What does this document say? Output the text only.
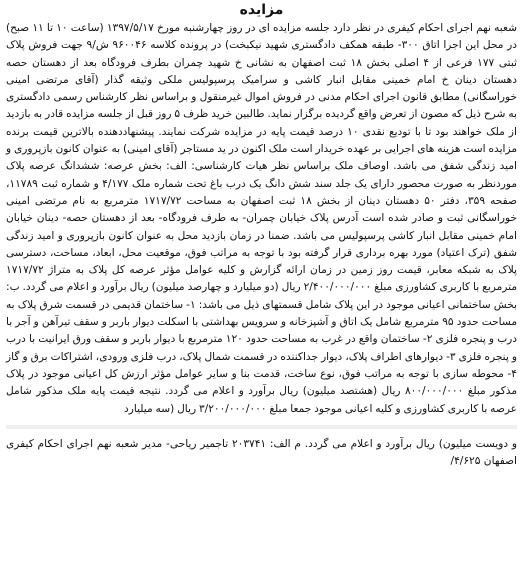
مزایده

شعبه نهم اجرای احکام کیفری در نظر دارد جلسه مزایده ای در روز چهارشنبه مورخ ۱۳۹۷/۵/۱۷ (ساعت ۱۰ تا ۱۱ صبح) در محل این اجرا اتاق ۳۰۰- طبقه همکف دادگستری شهید نیکبخت) در پرونده کلاسه ۹۶۰۰۴۶ ش/۹ جهت فروش پلاک ثبتی ۱۷۷ فرعی از ۴ اصلی بخش ۱۸ ثبت اصفهان به نشانی خ شهید چمران بطرف فرودگاه بعد از دهستان حصه دهستان دینان خ امام خمینی مقابل انبار کاشی و سرامیک پرسپولیس ملکی وثیقه گذار (آقای مرتضی امینی خوراسگانی) مطابق قانون اجرای احکام مدنی در فروش اموال غیرمنقول و براساس نظر کارشناس رسمی دادگستری به شرح ذیل که مصون از تعرض واقع گردیده برگزار نماید. طالبین خرید ظرف ۵ روز قبل از جلسه مزایده قادر به بازدید از ملک خواهند بود تا با تودیع نقدی ۱۰ درصد قیمت پایه در مزایده شرکت نمایند. پیشنهاددهنده بالاترین قیمت برنده مزایده است هزینه های اجرایی بر عهده خریدار است ملک اکنون در ید مستاجر (آقای امینی) به عنوان کانون بازپروری و امید زندگی شفق می باشد. اوصاف ملک براساس نظر هیات کارشناسی: الف: بخش عرصه: ششدانگ عرصه پلاک موردنظر به صورت محصور دارای یک جلد سند شش دانگ یک درب باغ تحت شماره ملک ۴/۱۷۷ و شماره ثبت ۱۱۷۸۹، صفحه ۳۵۹، دفتر ۵۰ دهستان دینان از بخش ۱۸ ثبت اصفهان به مساحت ۱۷۱۷/۷۲ مترمربع به نام مرتضی امینی خوراسگانی ثبت و صادر شده است آدرس پلاک خیابان چمران- به طرف فرودگاه- بعد از دهستان حصه- دینان خیابان امام خمینی مقابل انبار کاشی پرسپولیس می باشد. ضمنا در زمان بازدید محل به عنوان کانون بازپروری و امید زندگی شفق (ترک اعتیاد) مورد بهره برداری قرار گرفته بود با توجه به مراتب فوق، موقعیت محل، ابعاد، مساحت، دسترسی پلاک به شبکه معابر، قیمت روز زمین در زمان ارائه گزارش و کلیه عوامل مؤثر عرصه کل پلاک به متراژ ۱۷۱۷/۷۲ مترمربع با کاربری کشاورزی مبلغ ۲/۴۰۰/۰۰۰/۰۰۰ ریال (دو میلیارد و چهارصد میلیون) ریال برآورد و اعلام می گردد. ب: بخش ساختمانی اعیانی موجود در این پلاک شامل قسمتهای ذیل می باشد: ۱- ساختمان قدیمی در قسمت شرق پلاک به مساحت حدود ۹۵ مترمربع شامل یک اتاق و آشپزخانه و سرویس بهداشتی با اسکلت دیوار باربر و سقف تیرآهن و آجر با درب و پنجره فلزی ۲- ساختمان واقع در غرب به مساحت حدود ۱۲۰ مترمربع با دیوار باربر و سقف ورق ایرانیت با درب و پنجره فلزی ۳- دیوارهای اطراف پلاک، دیوار جداکننده در قسمت شمال پلاک، درب فلزی ورودی، اشتراکات برق و گاز ۴- محوطه سازی با توجه به مراتب فوق، نوع ساخت، قدمت بنا و سایر عوامل مؤثر ارزش کل اعیانی موجود در پلاک مذکور مبلغ ۸۰۰/۰۰۰/۰۰۰ ریال (هشتصد میلیون) ریال برآورد و اعلام می گردد. نتیجه قیمت پایه ملک مذکور شامل عرصه با کاربری کشاورزی و کلیه اعیانی موجود جمعا مبلغ ۳/۲۰۰/۰۰۰/۰۰۰ ریال (سه میلیارد

و دویست میلیون) ریال برآورد و اعلام می گردد. م الف: ۲۰۳۷۴۱ تاجمیر ریاحی- مدیر شعبه نهم اجرای احکام کیفری اصفهان ۴/۶۲۵/
